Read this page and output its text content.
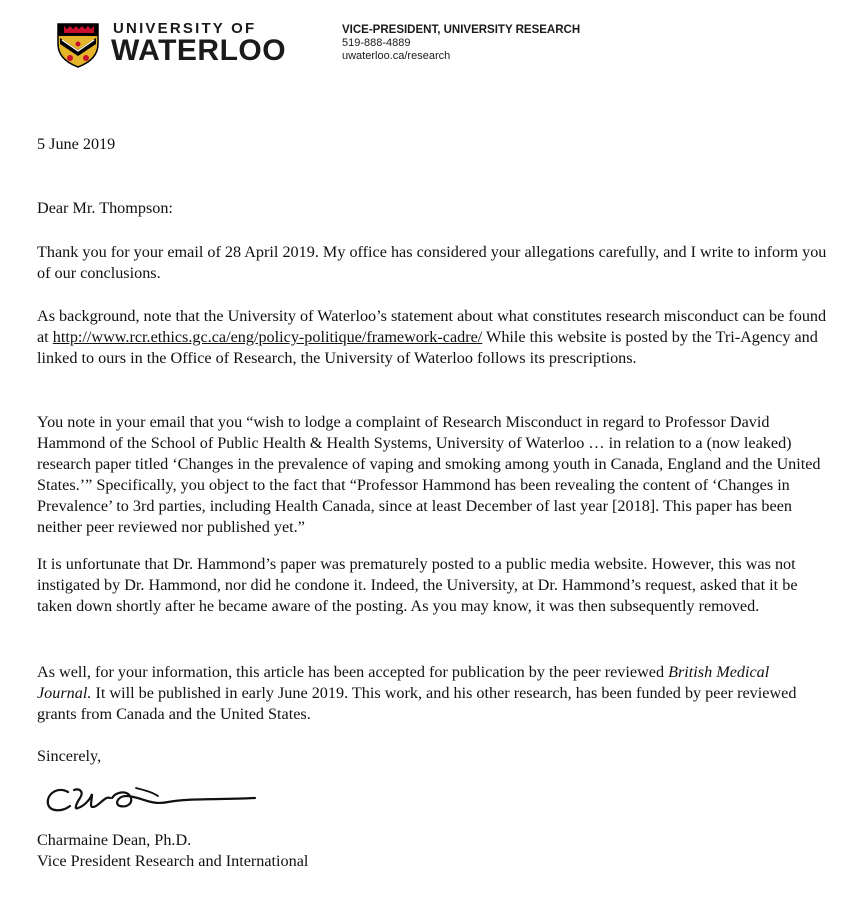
UNIVERSITY OF
WATERLOO
VICE-PRESIDENT, UNIVERSITY RESEARCH
519-888-4889
uwaterloo.ca/research

5 June 2019

Dear Mr. Thompson:

Thank you for your email of 28 April 2019. My office has considered your allegations carefully, and I write to inform you of our conclusions.

As background, note that the University of Waterloo’s statement about what constitutes research misconduct can be found at http://www.rcr.ethics.gc.ca/eng/policy-politique/framework-cadre/ While this website is posted by the Tri-Agency and linked to ours in the Office of Research, the University of Waterloo follows its prescriptions.

You note in your email that you “wish to lodge a complaint of Research Misconduct in regard to Professor David Hammond of the School of Public Health & Health Systems, University of Waterloo … in relation to a (now leaked) research paper titled ‘Changes in the prevalence of vaping and smoking among youth in Canada, England and the United States.’” Specifically, you object to the fact that “Professor Hammond has been revealing the content of ‘Changes in Prevalence’ to 3rd parties, including Health Canada, since at least December of last year [2018]. This paper has been neither peer reviewed nor published yet.”

It is unfortunate that Dr. Hammond’s paper was prematurely posted to a public media website. However, this was not instigated by Dr. Hammond, nor did he condone it. Indeed, the University, at Dr. Hammond’s request, asked that it be taken down shortly after he became aware of the posting. As you may know, it was then subsequently removed.

As well, for your information, this article has been accepted for publication by the peer reviewed British Medical Journal. It will be published in early June 2019. This work, and his other research, has been funded by peer reviewed grants from Canada and the United States.

Sincerely,

Charmaine Dean, Ph.D.

Vice President Research and International
